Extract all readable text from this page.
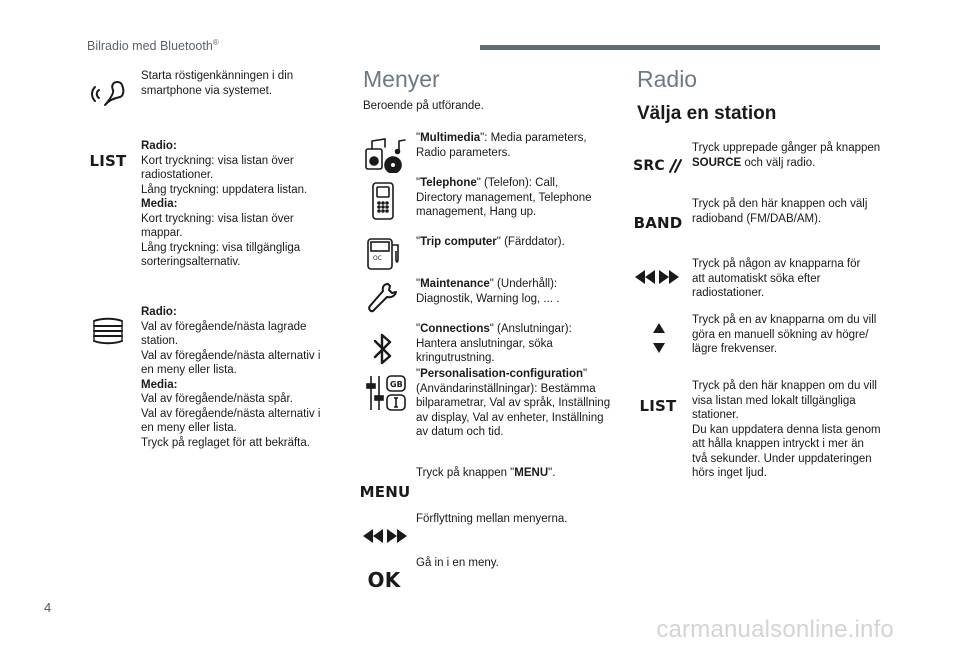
Bilradio med Bluetooth®

Starta röstigenkänningen i din smartphone via systemet.

LIST

Radio:

Kort tryckning: visa listan över radiostationer.

Lång tryckning: uppdatera listan.

Media:

Kort tryckning: visa listan över mappar.

Lång tryckning: visa tillgängliga sorteringsalternativ.

Radio:

Val av föregående/nästa lagrade station.

Val av föregående/nästa alternativ i en meny eller lista.

Media:

Val av föregående/nästa spår.

Val av föregående/nästa alternativ i en meny eller lista.

Tryck på reglaget för att bekräfta.

Menyer
Beroende på utförande.
"Multimedia": Media parameters, Radio parameters.
"Telephone" (Telefon): Call, Directory management, Telephone management, Hang up.
OC
"Trip computer" (Färddator).
"Maintenance" (Underhåll): Diagnostik, Warning log, ... .
"Connections" (Anslutningar): Hantera anslutningar, söka kringutrustning.
GB
"Personalisation-configuration" (Användarinställningar): Bestämma bilparametrar, Val av språk, Inställning av display, Val av enheter, Inställning av datum och tid.
MENU
Tryck på knappen "MENU".
Förflyttning mellan menyerna.
OK
Gå in i en meny.
Radio
Välja en station
SRC
Tryck upprepade gånger på knappen SOURCE och välj radio.
BAND
Tryck på den här knappen och välj radioband (FM/DAB/AM).
Tryck på någon av knapparna för att automatiskt söka efter radiostationer.
Tryck på en av knapparna om du vill göra en manuell sökning av högre/ lägre frekvenser.
LIST

Tryck på den här knappen om du vill visa listan med lokalt tillgängliga stationer.

Du kan uppdatera denna lista genom att hålla knappen intryckt i mer än två sekunder. Under uppdateringen hörs inget ljud.

4
carmanualsonline.info
